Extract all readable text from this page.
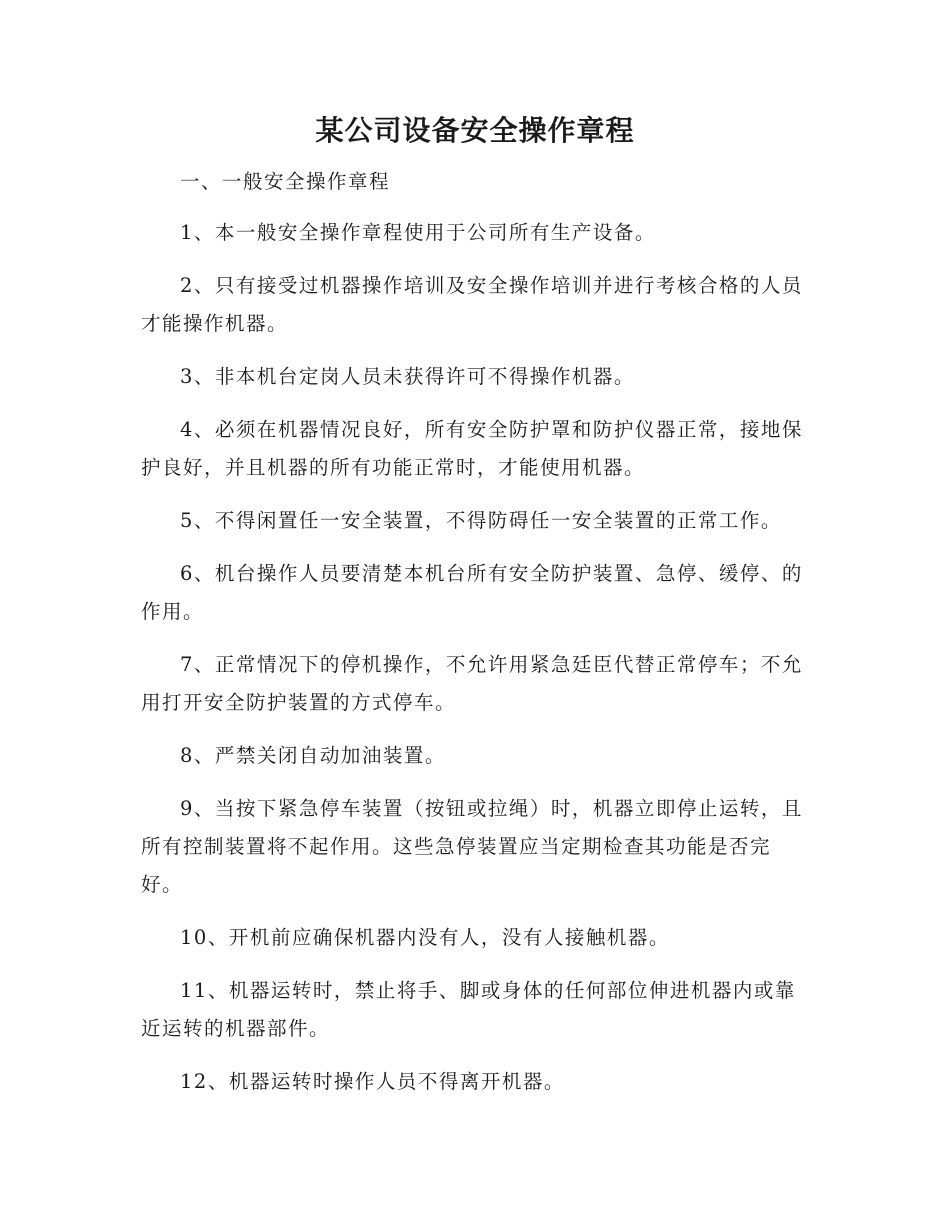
某公司设备安全操作章程

一、一般安全操作章程

1、本一般安全操作章程使用于公司所有生产设备。

2、只有接受过机器操作培训及安全操作培训并进行考核合格的人员才能操作机器。

3、非本机台定岗人员未获得许可不得操作机器。

4、必须在机器情况良好，所有安全防护罩和防护仪器正常，接地保护良好，并且机器的所有功能正常时，才能使用机器。

5、不得闲置任一安全装置，不得防碍任一安全装置的正常工作。

6、机台操作人员要清楚本机台所有安全防护装置、急停、缓停、的作用。

7、正常情况下的停机操作，不允许用紧急廷臣代替正常停车；不允用打开安全防护装置的方式停车。

8、严禁关闭自动加油装置。

9、当按下紧急停车装置（按钮或拉绳）时，机器立即停止运转，且所有控制装置将不起作用。这些急停装置应当定期检查其功能是否完好。

10、开机前应确保机器内没有人，没有人接触机器。

11、机器运转时，禁止将手、脚或身体的任何部位伸进机器内或靠近运转的机器部件。

12、机器运转时操作人员不得离开机器。
